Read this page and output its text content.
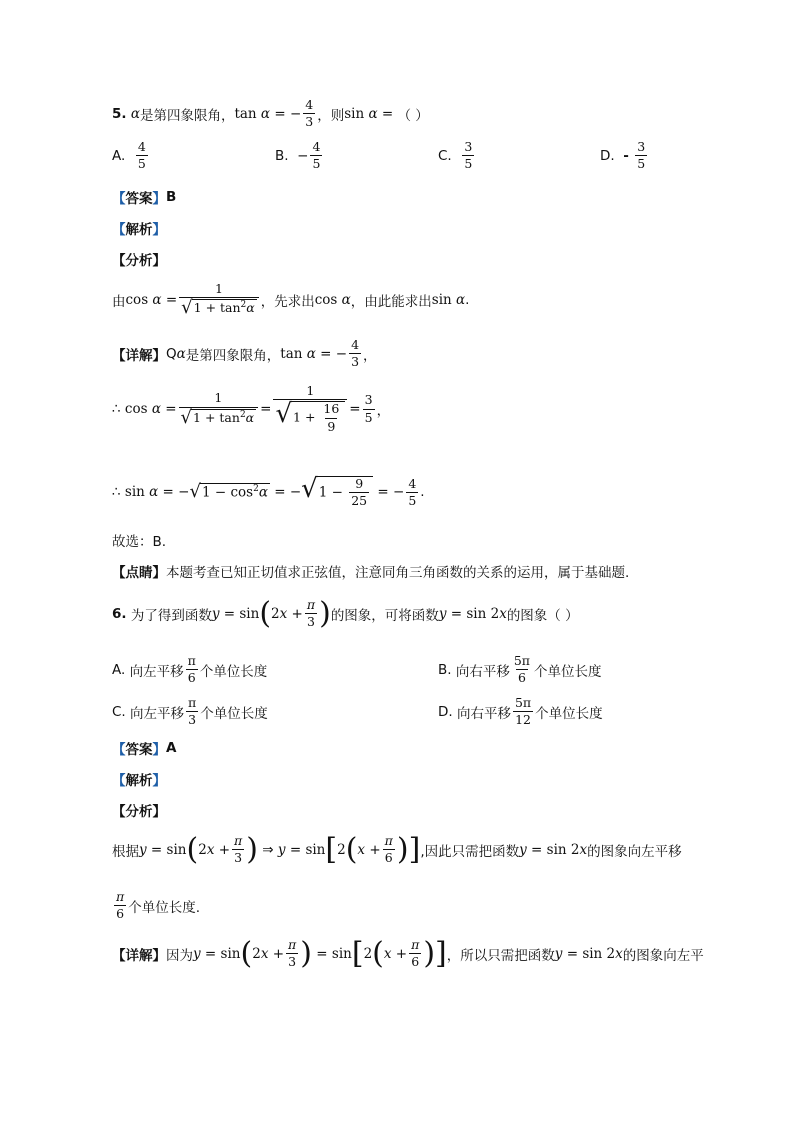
5.
α 是第四象限角， tan
α = − $\frac{4}{3}$ ，则 sin
α = （ ）
A.
$\frac{4}{5}$	B.
− $\frac{4}{5}$	C.
$\frac{3}{5}$	D.
-
$\frac{3}{5}$
【答案】 B
【解析】
【分析】
由 cos
$\alpha = \frac{1}{√ 1 + \tan^2\alpha}$ ，先求出 cos
α ，由此能求出 sin
α .
【详解】 Q α 是第四象限角， tan
α = − $\frac{4}{3}$ ，
∴
cos
$\alpha = \frac{1}{√ 1 + \tan^2\alpha} = \frac{1}{√ 1 + \frac{16}{9}} = \frac{3}{5}$ ，
∴
sin
α = − √ $1 - \cos^2\alpha$ = − √ $1 - \frac{9}{25}$ = − $\frac{4}{5}$ .
故选：B.
【点睛】 本题考查已知正切值求正弦值，注意同角三角函数的关系的运用，属于基础题.
6.
为了得到函数 y = sin ( 2 $x + \frac{\pi}{3}$ ) 的图象，可将函数 y = sin 2 x 的图象（ ）
A.
向左平移 $\frac{\pi}{6}$ 个单位长度	B.
向右平移 $\frac{5\pi}{6}$ 个单位长度
C.
向左平移 $\frac{\pi}{3}$ 个单位长度	D.
向右平移 $\frac{5\pi}{12}$ 个单位长度
【答案】 A
【解析】
【分析】
根据 y = sin ( 2 $x + \frac{\pi}{3}$ ) ⇒ y = sin [ 2 ( $x + \frac{\pi}{6}$ ) ] ,因此只需把函数 y = sin 2 x 的图象向左平移
$\frac{\pi}{6}$ 个单位长度.
【详解】 因为 y = sin ( 2 $x + \frac{\pi}{3}$ ) = sin [ 2 ( $x + \frac{\pi}{6}$ ) ] ，所以只需把函数 y = sin 2 x 的图象向左平
